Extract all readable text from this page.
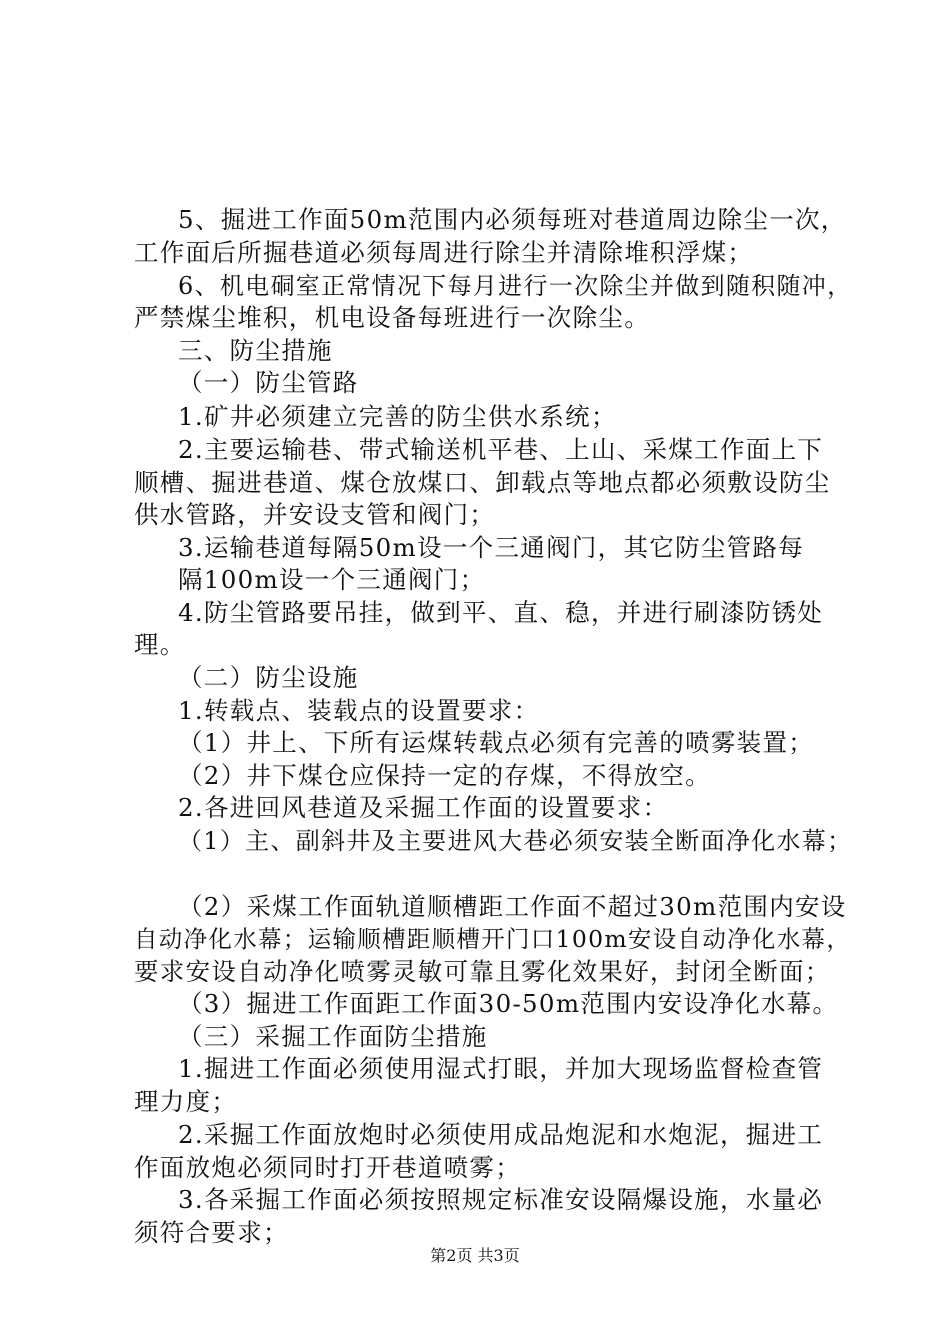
5、掘进工作面50m范围内必须每班对巷道周边除尘一次，
工作面后所掘巷道必须每周进行除尘并清除堆积浮煤；
6、机电硐室正常情况下每月进行一次除尘并做到随积随冲，
严禁煤尘堆积，机电设备每班进行一次除尘。
三、防尘措施
（一）防尘管路
1.矿井必须建立完善的防尘供水系统；
2.主要运输巷、带式输送机平巷、上山、采煤工作面上下
顺槽、掘进巷道、煤仓放煤口、卸载点等地点都必须敷设防尘
供水管路，并安设支管和阀门；
3.运输巷道每隔50m设一个三通阀门，其它防尘管路每
隔100m设一个三通阀门；
4.防尘管路要吊挂，做到平、直、稳，并进行刷漆防锈处
理。
（二）防尘设施
1.转载点、装载点的设置要求：
（1）井上、下所有运煤转载点必须有完善的喷雾装置；
（2）井下煤仓应保持一定的存煤，不得放空。
2.各进回风巷道及采掘工作面的设置要求：
（1）主、副斜井及主要进风大巷必须安装全断面净化水幕；
（2）采煤工作面轨道顺槽距工作面不超过30m范围内安设
自动净化水幕；运输顺槽距顺槽开门口100m安设自动净化水幕，
要求安设自动净化喷雾灵敏可靠且雾化效果好，封闭全断面；
（3）掘进工作面距工作面30-50m范围内安设净化水幕。
（三）采掘工作面防尘措施
1.掘进工作面必须使用湿式打眼，并加大现场监督检查管
理力度；
2.采掘工作面放炮时必须使用成品炮泥和水炮泥，掘进工
作面放炮必须同时打开巷道喷雾；
3.各采掘工作面必须按照规定标准安设隔爆设施，水量必
须符合要求；
第2页 共3页
